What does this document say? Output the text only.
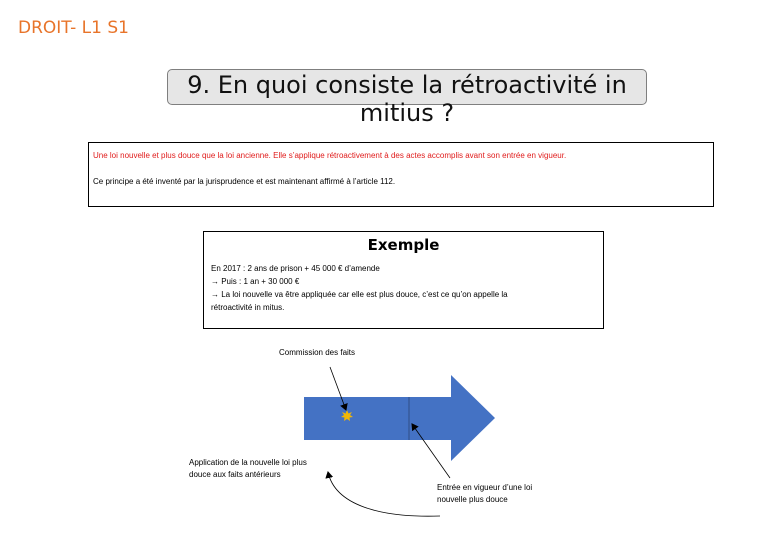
DROIT- L1 S1
9. En quoi consiste la rétroactivité in mitius ?
Une loi nouvelle et plus douce que la loi ancienne. Elle s’applique rétroactivement à des actes accomplis avant son entrée en vigueur.
Ce principe a été inventé par la jurisprudence et est maintenant affirmé à l’article 112.
Exemple
En 2017 : 2 ans de prison + 45 000 € d’amende
→ Puis : 1 an + 30 000 €
→ La loi nouvelle va être appliquée car elle est plus douce, c’est ce qu’on appelle la
rétroactivité in mitus.
Commission des faits
Application de la nouvelle loi plus
douce aux faits antérieurs
Entrée en vigueur d’une loi
nouvelle plus douce
